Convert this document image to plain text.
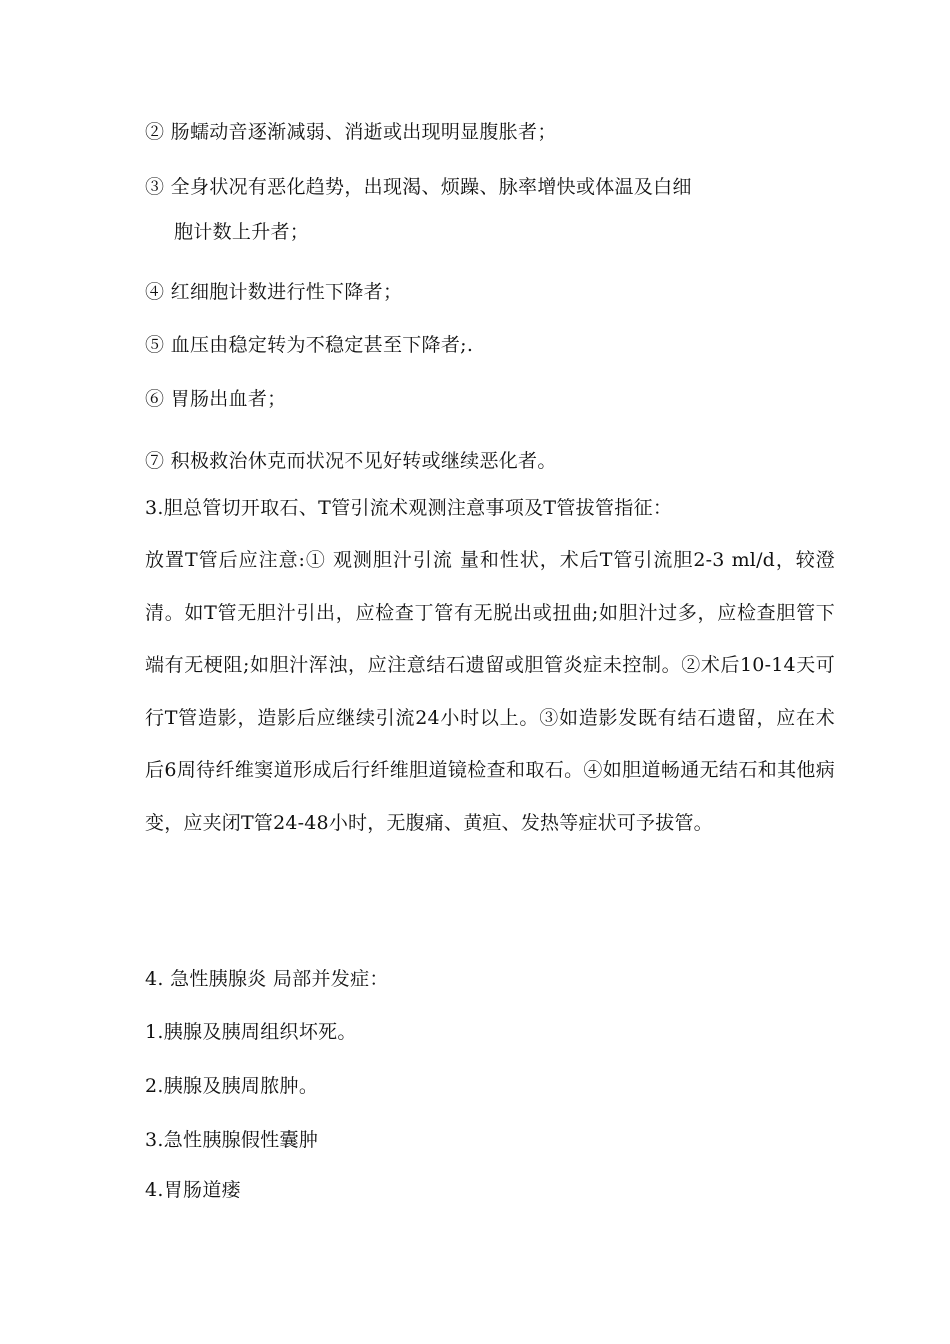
② 肠蠕动音逐渐减弱、消逝或出现明显腹胀者；
③ 全身状况有恶化趋势，出现渴、烦躁、脉率增快或体温及白细
胞计数上升者；
④ 红细胞计数进行性下降者；
⑤ 血压由稳定转为不稳定甚至下降者;.
⑥ 胃肠出血者；
⑦ 积极救治休克而状况不见好转或继续恶化者。
3.胆总管切开取石、T管引流术观测注意事项及T管拔管指征：
放置T管后应注意:① 观测胆汁引流 量和性状，术后T管引流胆2-3 ml/d，较澄清。如T管无胆汁引出，应检查丁管有无脱出或扭曲;如胆汁过多，应检查胆管下端有无梗阻;如胆汁浑浊，应注意结石遗留或胆管炎症未控制。②术后10-14天可行T管造影，造影后应继续引流24小时以上。③如造影发既有结石遗留，应在术后6周待纤维窦道形成后行纤维胆道镜检查和取石。④如胆道畅通无结石和其他病变，应夹闭T管24-48小时，无腹痛、黄疸、发热等症状可予拔管。
4. 急性胰腺炎 局部并发症：
1.胰腺及胰周组织坏死。
2.胰腺及胰周脓肿。
3.急性胰腺假性囊肿
4.胃肠道瘘
